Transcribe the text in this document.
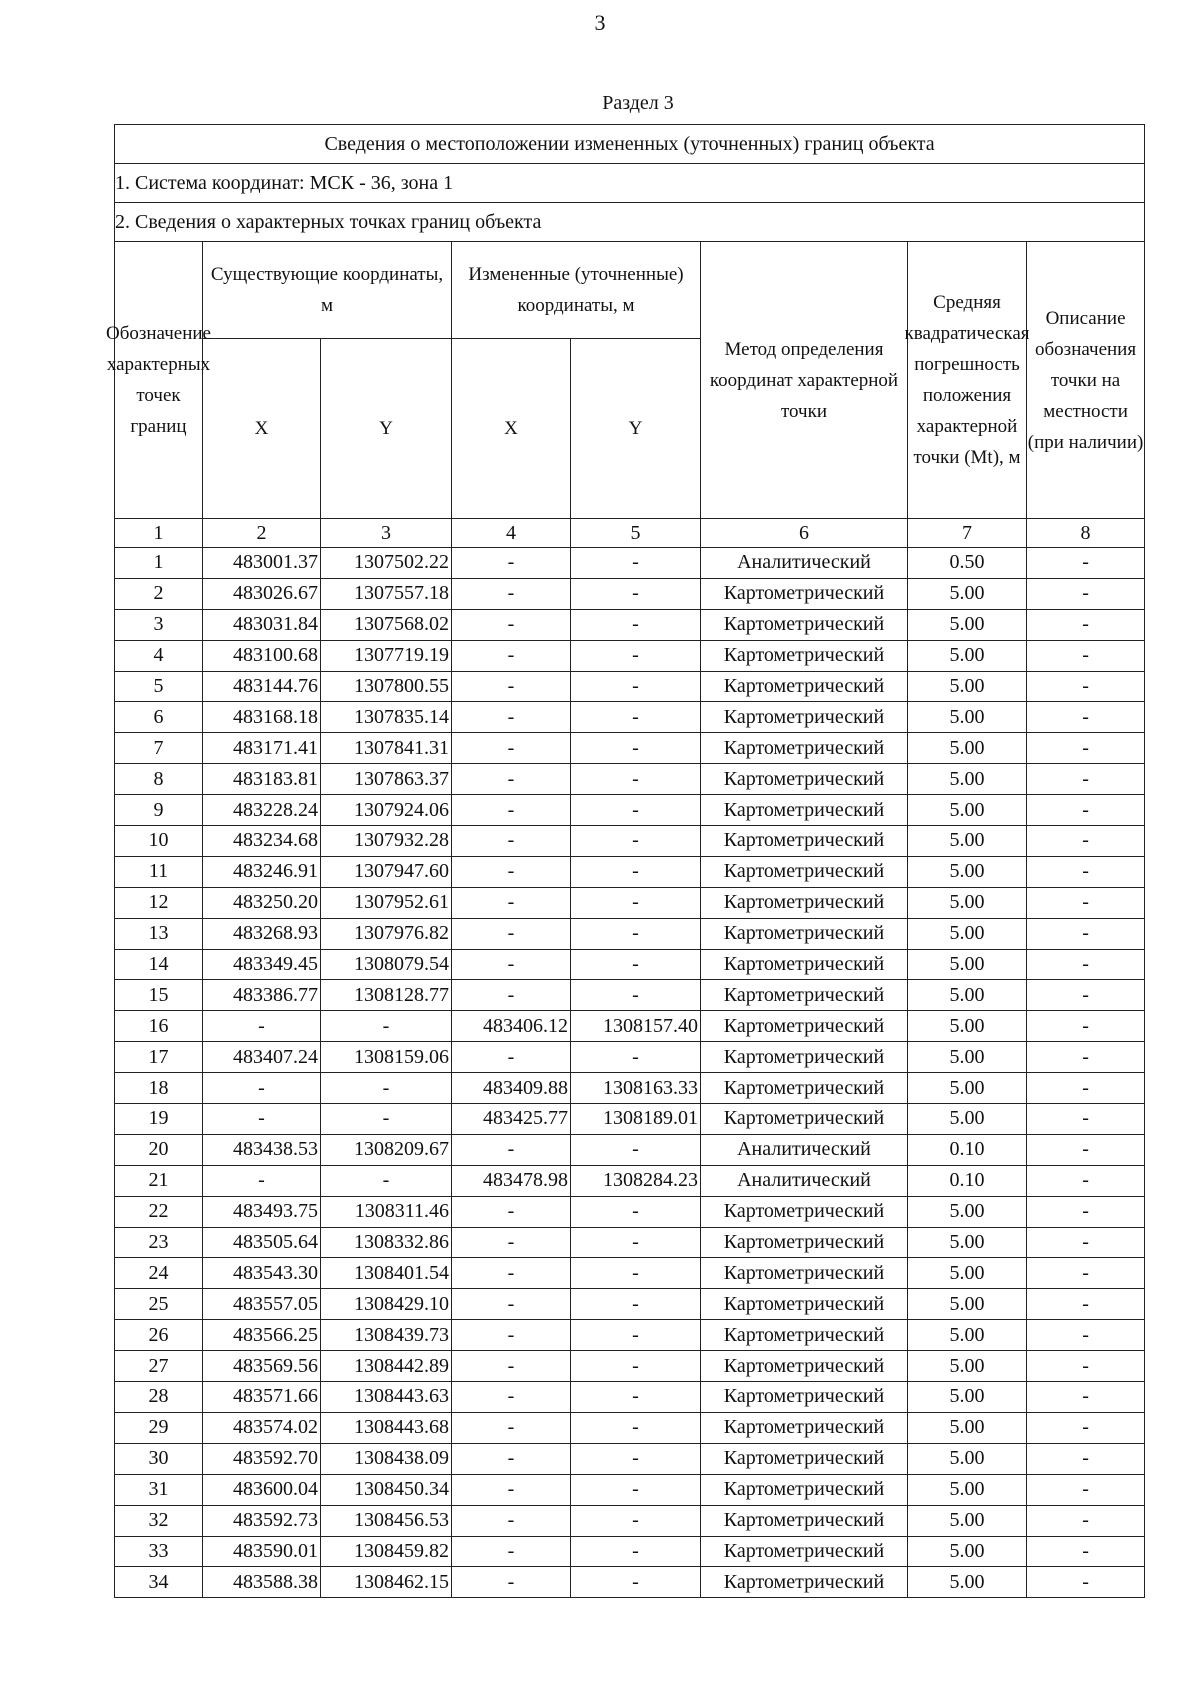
3
Раздел 3
Сведения о местоположении измененных (уточненных) границ объекта							
1. Система координат: МСК - 36, зона 1							
2. Сведения о характерных точках границ объекта							

Обозначение характерных точек границ	Существующие координаты, м		Измененные (уточненные) координаты, м		Метод определения координат характерной точки	Средняя квадратическая погрешность положения характерной точки (Mt), м	Описание обозначения точки на местности (при наличии)

	X	Y	X	Y			
1	2	3	4	5	6	7	8
1	483001.37	1307502.22	-	-	Аналитический	0.50	-
2	483026.67	1307557.18	-	-	Картометрический	5.00	-
3	483031.84	1307568.02	-	-	Картометрический	5.00	-
4	483100.68	1307719.19	-	-	Картометрический	5.00	-
5	483144.76	1307800.55	-	-	Картометрический	5.00	-
6	483168.18	1307835.14	-	-	Картометрический	5.00	-
7	483171.41	1307841.31	-	-	Картометрический	5.00	-
8	483183.81	1307863.37	-	-	Картометрический	5.00	-
9	483228.24	1307924.06	-	-	Картометрический	5.00	-
10	483234.68	1307932.28	-	-	Картометрический	5.00	-
11	483246.91	1307947.60	-	-	Картометрический	5.00	-
12	483250.20	1307952.61	-	-	Картометрический	5.00	-
13	483268.93	1307976.82	-	-	Картометрический	5.00	-
14	483349.45	1308079.54	-	-	Картометрический	5.00	-
15	483386.77	1308128.77	-	-	Картометрический	5.00	-
16	-	-	483406.12	1308157.40	Картометрический	5.00	-
17	483407.24	1308159.06	-	-	Картометрический	5.00	-
18	-	-	483409.88	1308163.33	Картометрический	5.00	-
19	-	-	483425.77	1308189.01	Картометрический	5.00	-
20	483438.53	1308209.67	-	-	Аналитический	0.10	-
21	-	-	483478.98	1308284.23	Аналитический	0.10	-
22	483493.75	1308311.46	-	-	Картометрический	5.00	-
23	483505.64	1308332.86	-	-	Картометрический	5.00	-
24	483543.30	1308401.54	-	-	Картометрический	5.00	-
25	483557.05	1308429.10	-	-	Картометрический	5.00	-
26	483566.25	1308439.73	-	-	Картометрический	5.00	-
27	483569.56	1308442.89	-	-	Картометрический	5.00	-
28	483571.66	1308443.63	-	-	Картометрический	5.00	-
29	483574.02	1308443.68	-	-	Картометрический	5.00	-
30	483592.70	1308438.09	-	-	Картометрический	5.00	-
31	483600.04	1308450.34	-	-	Картометрический	5.00	-
32	483592.73	1308456.53	-	-	Картометрический	5.00	-
33	483590.01	1308459.82	-	-	Картометрический	5.00	-
34	483588.38	1308462.15	-	-	Картометрический	5.00	-
